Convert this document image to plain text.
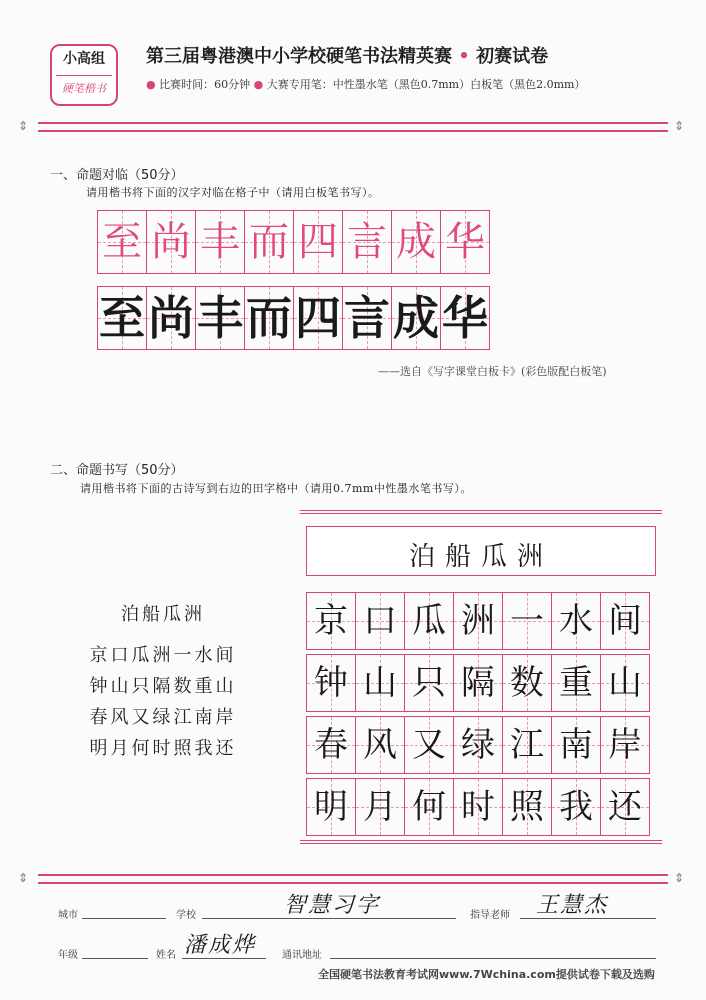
小高组
硬笔楷书
第三届粤港澳中小学校硬笔书法精英赛 • 初赛试卷
● 比赛时间：60分钟 ● 大赛专用笔：中性墨水笔（黑色0.7mm）白板笔（黑色2.0mm）
⇕	⇕
一、命题对临（50分）
请用楷书将下面的汉字对临在格子中（请用白板笔书写）。
至 尚 丰 而 四 言 成 华
至 尚 丰 而 四 言 成 华
——选自《写字课堂白板卡》(彩色版配白板笔)
二、命题书写（50分）
请用楷书将下面的古诗写到右边的田字格中（请用0.7mm中性墨水笔书写）。
泊船瓜洲
京口瓜洲一水间
钟山只隔数重山
春风又绿江南岸
明月何时照我还
泊船瓜洲
京 口 瓜 洲 一 水 间
钟 山 只 隔 数 重 山
春 风 又 绿 江 南 岸
明 月 何 时 照 我 还
⇕	⇕
城市	学校	智慧习字	指导老师 王慧杰
年级	姓名 潘成烨	通讯地址
全国硬笔书法教育考试网www.7Wchina.com提供试卷下载及选购
